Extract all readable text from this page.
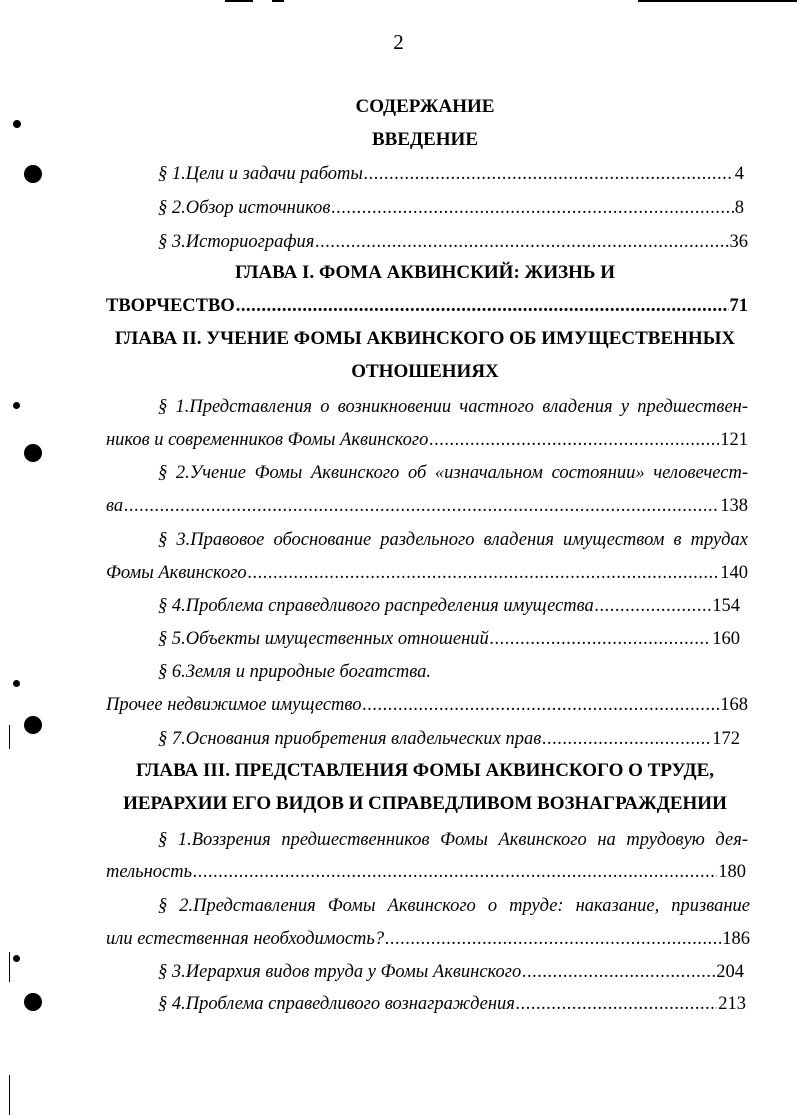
2
СОДЕРЖАНИЕ
ВВЕДЕНИЕ
§ 1.Цели и задачи работы .....	4
§ 2.Обзор источников .....	8
§ 3.Историография .....	36
ГЛАВА I. ФОМА АКВИНСКИЙ: ЖИЗНЬ И
ТВОРЧЕСТВО .....	71
ГЛАВА II. УЧЕНИЕ ФОМЫ АКВИНСКОГО ОБ ИМУЩЕСТВЕННЫХ
ОТНОШЕНИЯХ
§ 1.Представления о возникновении частного владения у предшествен-
ников и современников Фомы Аквинского .....	121
§ 2.Учение Фомы Аквинского об «изначальном состоянии» человечест-
ва .....	138
§ 3.Правовое обоснование раздельного владения имуществом в трудах
Фомы Аквинского .....	140
§ 4.Проблема справедливого распределения имущества .....	154
§ 5.Объекты имущественных отношений .....	160
§ 6.Земля и природные богатства.
Прочее недвижимое имущество .....	168
§ 7.Основания приобретения владельческих прав .....	172
ГЛАВА III. ПРЕДСТАВЛЕНИЯ ФОМЫ АКВИНСКОГО О ТРУДЕ,
ИЕРАРХИИ ЕГО ВИДОВ И СПРАВЕДЛИВОМ ВОЗНАГРАЖДЕНИИ
§ 1.Воззрения предшественников Фомы Аквинского на трудовую дея-
тельность .....	180
§ 2.Представления Фомы Аквинского о труде: наказание, призвание
или естественная необходимость? .....	186
§ 3.Иерархия видов труда у Фомы Аквинского .....	204
§ 4.Проблема справедливого вознаграждения .....	213
